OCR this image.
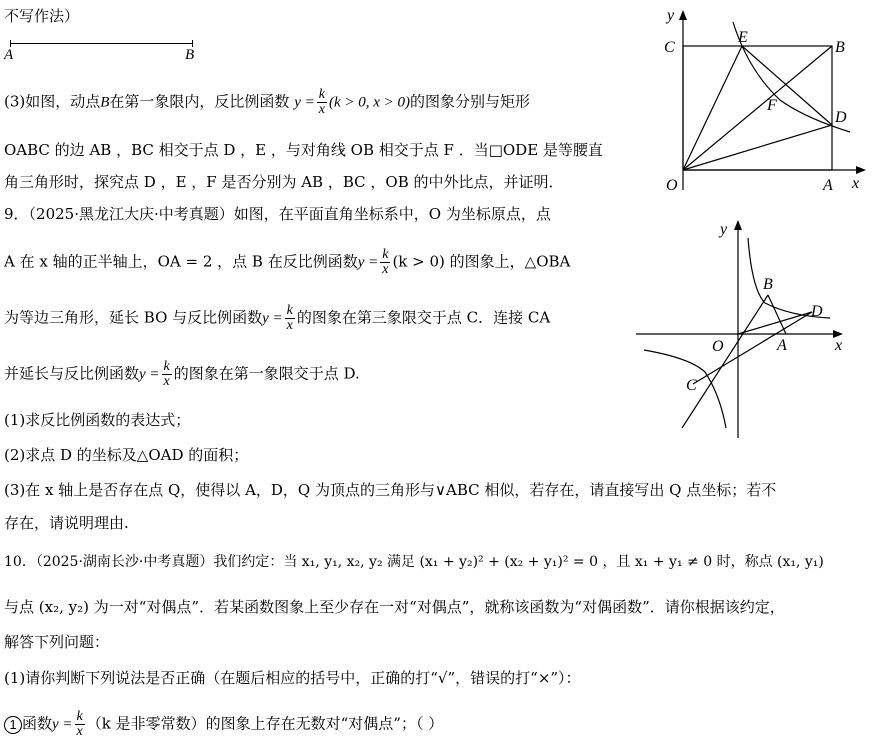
不写作法）
A	B
(3)如图，动点B在第一象限内，反比例函数 $y = \frac{k}{x} (k > 0$, x > 0)的图象分别与矩形
OABC 的边 AB ，BC 相交于点 D ，E ，与对角线 OB 相交于点 F ．当□ODE 是等腰直
角三角形时，探究点 D ，E ，F 是否分别为 AB ，BC ，OB 的中外比点，并证明．
9．（2025·黑龙江大庆·中考真题）如图，在平面直角坐标系中，O 为坐标原点，点
A 在 x 轴的正半轴上，OA = 2 ，点 B 在反比例函数$y = \frac{k}{x} (k > 0)$ 的图象上，△OBA
为等边三角形，延长 BO 与反比例函数$y = \frac{k}{x}$ 的图象在第三象限交于点 C．连接 CA
并延长与反比例函数$y = \frac{k}{x}$ 的图象在第一象限交于点 D.
(1)求反比例函数的表达式；
(2)求点 D 的坐标及△OAD 的面积；
(3)在 x 轴上是否存在点 Q，使得以 A，D，Q 为顶点的三角形与∨ABC 相似，若存在，请直接写出 Q 点坐标；若不
存在，请说明理由.
10．（2025·湖南长沙·中考真题）我们约定：当 x₁, y₁, x₂, y₂ 满足 (x₁ + y₂)² + (x₂ + y₁)² = 0 ，且 x₁ + y₁ ≠ 0 时，称点 (x₁, y₁)
与点 (x₂, y₂) 为一对“对偶点”．若某函数图象上至少存在一对“对偶点”，就称该函数为“对偶函数”．请你根据该约定，
解答下列问题：
(1)请你判断下列说法是否正确（在题后相应的括号中，正确的打“√”，错误的打“×”）：
1 函数$y = \frac{k}{x} (k$ 是非零常数）的图象上存在无数对“对偶点”；（ ）
y
C
E
B
F
D
O	A x
y
B
D
O	A	x
C
